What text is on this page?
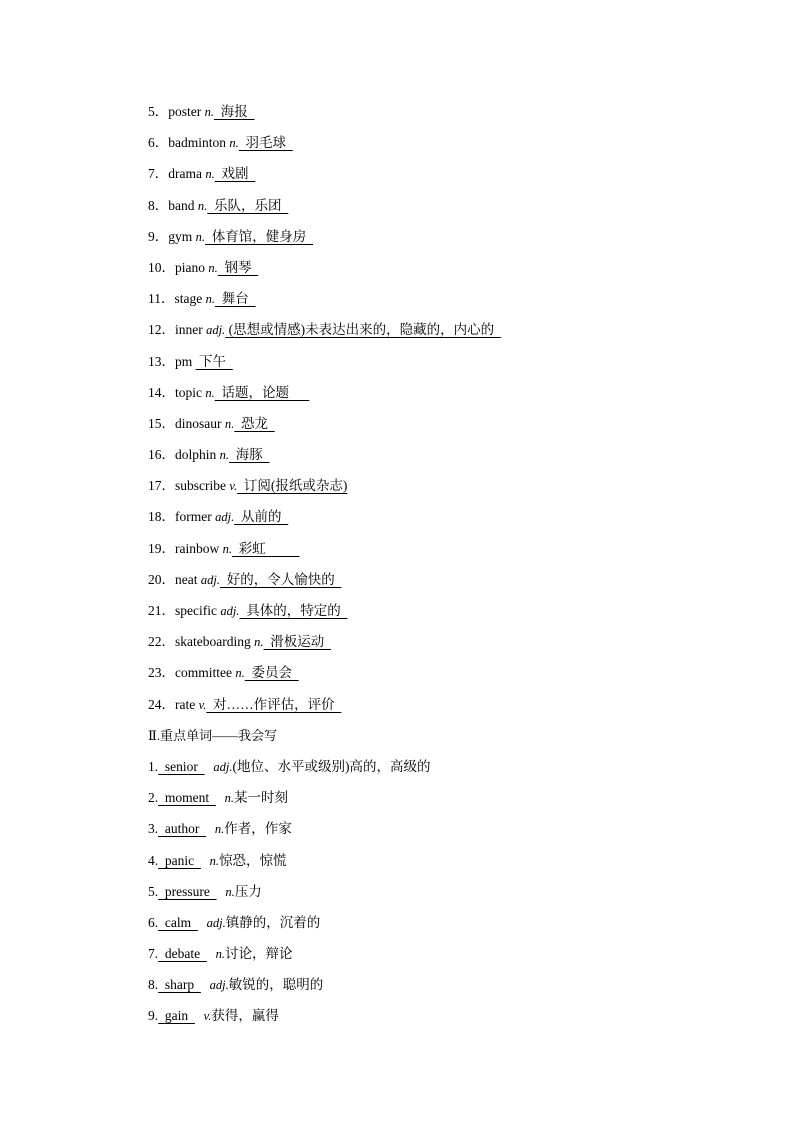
5．poster n.  海报
6．badminton n.  羽毛球
7．drama n.  戏剧
8．band n.  乐队，乐团
9．gym n.  体育馆，健身房
10．piano n.  钢琴
11．stage n.  舞台
12．inner adj. (思想或情感)未表达出来的，隐藏的，内心的
13．pm  下午
14．topic n.  话题，论题
15．dinosaur n.  恐龙
16．dolphin n.  海豚
17．subscribe v.  订阅(报纸或杂志)
18．former adj.  从前的
19．rainbow n.  彩虹
20．neat adj.  好的，令人愉快的
21．specific adj.  具体的，特定的
22．skateboarding n.  滑板运动
23．committee n.  委员会
24．rate v.  对……作评估，评价
Ⅱ.重点单词——我会写
1.  senior    adj.(地位、水平或级别)高的，高级的
2.  moment    n.某一时刻
3.  author    n.作者，作家
4.  panic    n.惊恐，惊慌
5.  pressure    n.压力
6.  calm    adj.镇静的，沉着的
7.  debate    n.讨论，辩论
8.  sharp    adj.敏锐的，聪明的
9.  gain    v.获得，赢得
